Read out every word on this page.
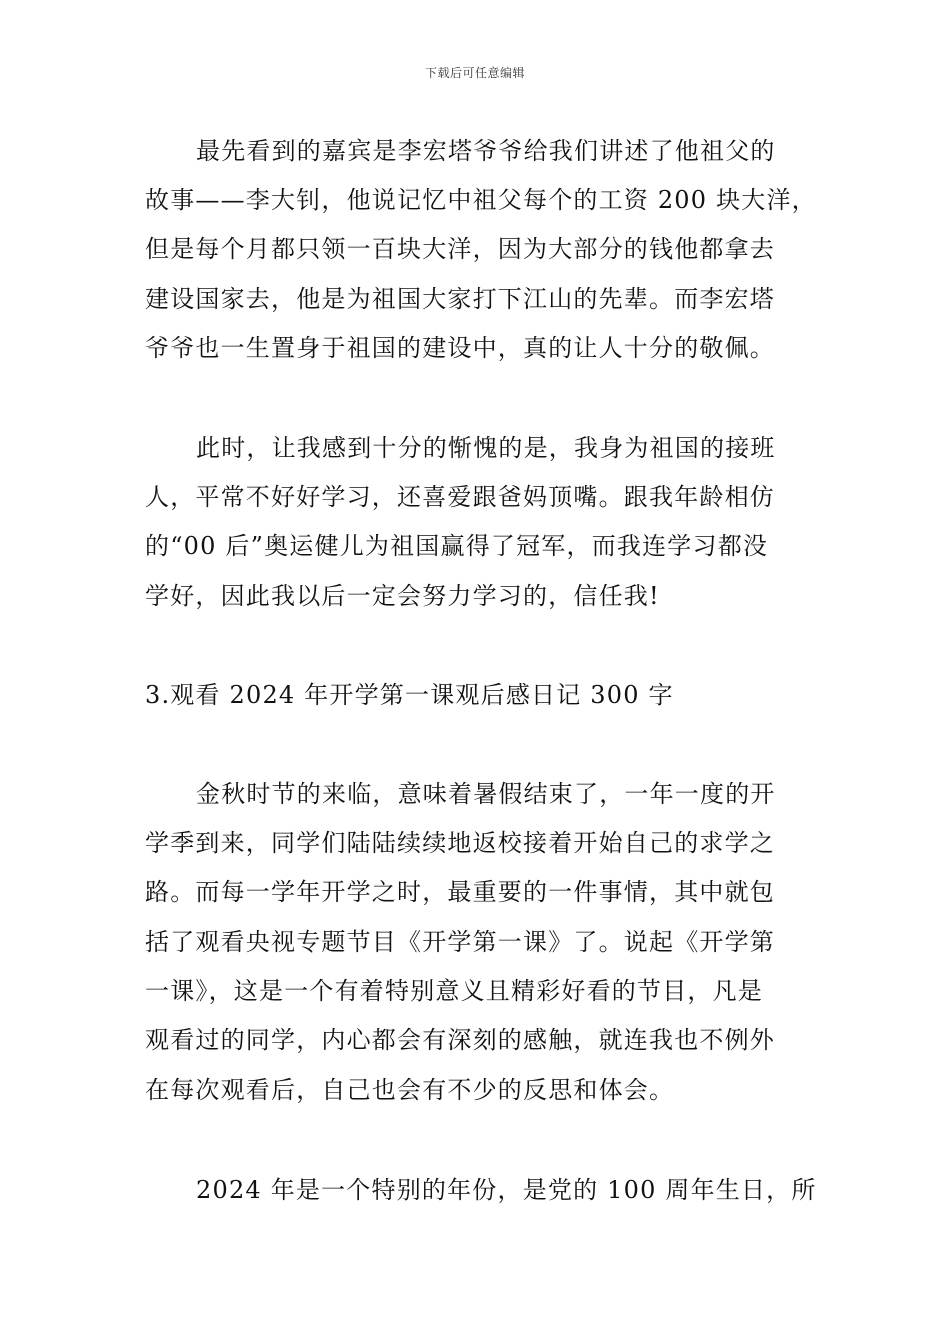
下载后可任意编辑
最先看到的嘉宾是李宏塔爷爷给我们讲述了他祖父的
故事——李大钊，他说记忆中祖父每个的工资 200 块大洋，
但是每个月都只领一百块大洋，因为大部分的钱他都拿去
建设国家去，他是为祖国大家打下江山的先辈。而李宏塔
爷爷也一生置身于祖国的建设中，真的让人十分的敬佩。
此时，让我感到十分的惭愧的是，我身为祖国的接班
人，平常不好好学习，还喜爱跟爸妈顶嘴。跟我年龄相仿
的“00 后”奥运健儿为祖国赢得了冠军，而我连学习都没
学好，因此我以后一定会努力学习的，信任我!
3.观看 2024 年开学第一课观后感日记 300 字
金秋时节的来临，意味着暑假结束了，一年一度的开
学季到来，同学们陆陆续续地返校接着开始自己的求学之
路。而每一学年开学之时，最重要的一件事情，其中就包
括了观看央视专题节目《开学第一课》了。说起《开学第
一课》，这是一个有着特别意义且精彩好看的节目，凡是
观看过的同学，内心都会有深刻的感触，就连我也不例外
在每次观看后，自己也会有不少的反思和体会。
2024 年是一个特别的年份，是党的 100 周年生日，所
